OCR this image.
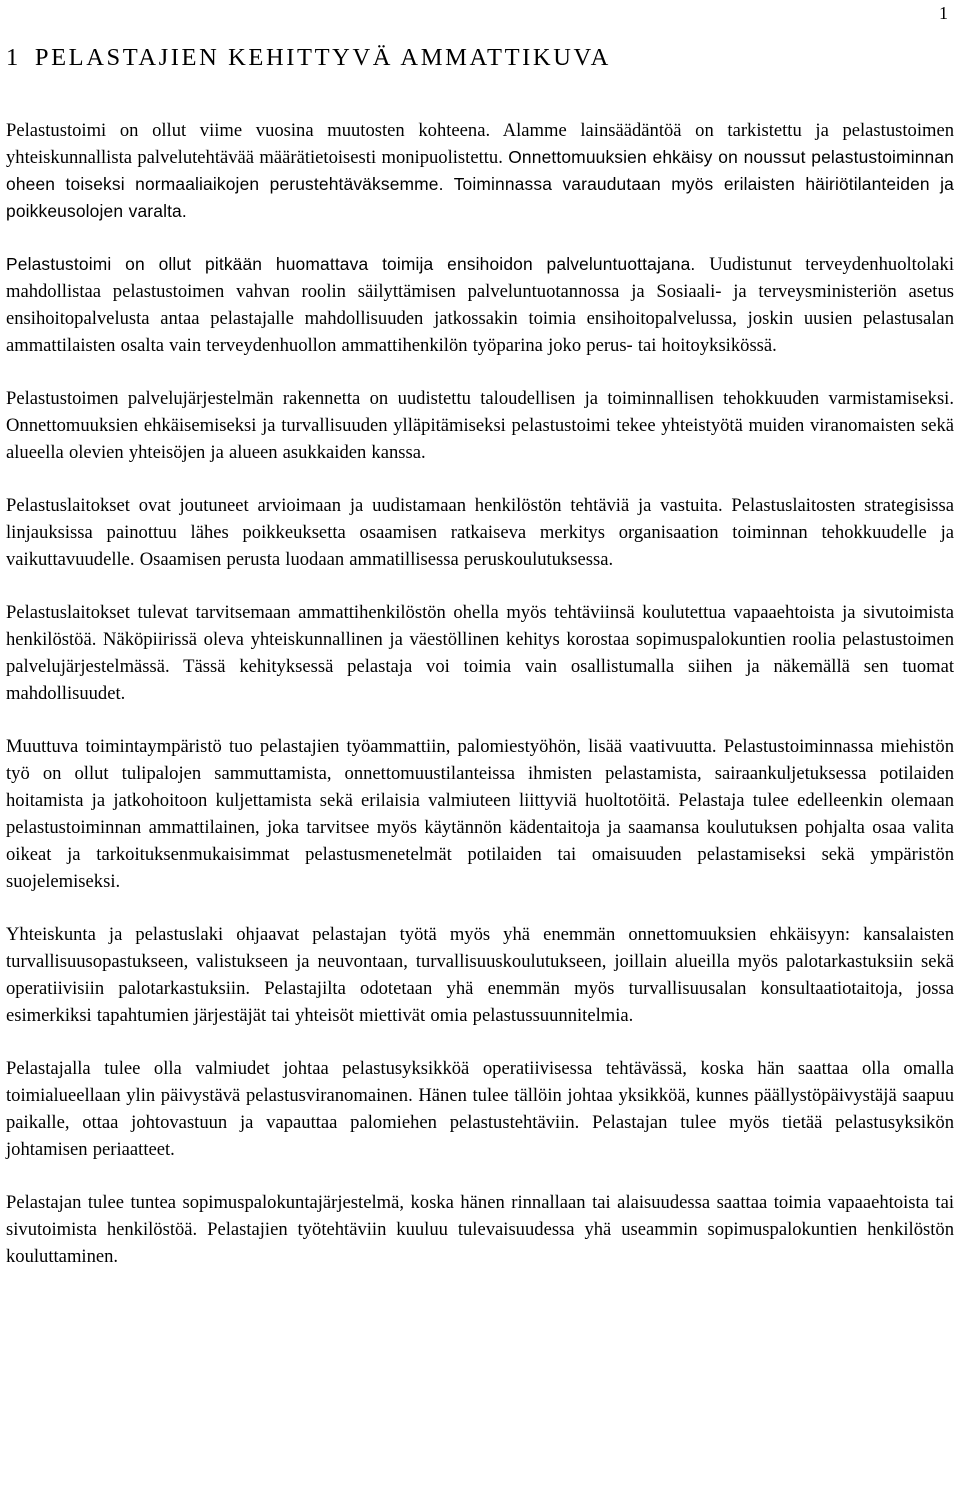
1
1 PELASTAJIEN KEHITTYVÄ AMMATTIKUVA

Pelastustoimi on ollut viime vuosina muutosten kohteena. Alamme lainsäädäntöä on tarkistettu ja pelastustoimen yhteiskunnallista palvelutehtävää määrätietoisesti monipuolistettu. Onnettomuuksien ehkäisy on noussut pelastustoiminnan oheen toiseksi normaaliaikojen perustehtäväksemme. Toiminnassa varaudutaan myös erilaisten häiriötilanteiden ja poikkeusolojen varalta.

Pelastustoimi on ollut pitkään huomattava toimija ensihoidon palveluntuottajana. Uudistunut terveydenhuoltolaki mahdollistaa pelastustoimen vahvan roolin säilyttämisen palveluntuotannossa ja Sosiaali- ja terveysministeriön asetus ensihoitopalvelusta antaa pelastajalle mahdollisuuden jatkossakin toimia ensihoitopalvelussa, joskin uusien pelastusalan ammattilaisten osalta vain terveydenhuollon ammattihenkilön työparina joko perus- tai hoitoyksikössä.

Pelastustoimen palvelujärjestelmän rakennetta on uudistettu taloudellisen ja toiminnallisen tehokkuuden varmistamiseksi. Onnettomuuksien ehkäisemiseksi ja turvallisuuden ylläpitämiseksi pelastustoimi tekee yhteistyötä muiden viranomaisten sekä alueella olevien yhteisöjen ja alueen asukkaiden kanssa.

Pelastuslaitokset ovat joutuneet arvioimaan ja uudistamaan henkilöstön tehtäviä ja vastuita. Pelastuslaitosten strategisissa linjauksissa painottuu lähes poikkeuksetta osaamisen ratkaiseva merkitys organisaation toiminnan tehokkuudelle ja vaikuttavuudelle. Osaamisen perusta luodaan ammatillisessa peruskoulutuksessa.

Pelastuslaitokset tulevat tarvitsemaan ammattihenkilöstön ohella myös tehtäviinsä koulutettua vapaaehtoista ja sivutoimista henkilöstöä. Näköpiirissä oleva yhteiskunnallinen ja väestöllinen kehitys korostaa sopimuspalokuntien roolia pelastustoimen palvelujärjestelmässä. Tässä kehityksessä pelastaja voi toimia vain osallistumalla siihen ja näkemällä sen tuomat mahdollisuudet.

Muuttuva toimintaympäristö tuo pelastajien työammattiin, palomiestyöhön, lisää vaativuutta. Pelastustoiminnassa miehistön työ on ollut tulipalojen sammuttamista, onnettomuustilanteissa ihmisten pelastamista, sairaankuljetuksessa potilaiden hoitamista ja jatkohoitoon kuljettamista sekä erilaisia valmiuteen liittyviä huoltotöitä. Pelastaja tulee edelleenkin olemaan pelastustoiminnan ammattilainen, joka tarvitsee myös käytännön kädentaitoja ja saamansa koulutuksen pohjalta osaa valita oikeat ja tarkoituksenmukaisimmat pelastusmenetelmät potilaiden tai omaisuuden pelastamiseksi sekä ympäristön suojelemiseksi.

Yhteiskunta ja pelastuslaki ohjaavat pelastajan työtä myös yhä enemmän onnettomuuksien ehkäisyyn: kansalaisten turvallisuusopastukseen, valistukseen ja neuvontaan, turvallisuuskoulutukseen, joillain alueilla myös palotarkastuksiin sekä operatiivisiin palotarkastuksiin. Pelastajilta odotetaan yhä enemmän myös turvallisuusalan konsultaatiotaitoja, jossa esimerkiksi tapahtumien järjestäjät tai yhteisöt miettivät omia pelastussuunnitelmia.

Pelastajalla tulee olla valmiudet johtaa pelastusyksikköä operatiivisessa tehtävässä, koska hän saattaa olla omalla toimialueellaan ylin päivystävä pelastusviranomainen. Hänen tulee tällöin johtaa yksikköä, kunnes päällystöpäivystäjä saapuu paikalle, ottaa johtovastuun ja vapauttaa palomiehen pelastustehtäviin. Pelastajan tulee myös tietää pelastusyksikön johtamisen periaatteet.

Pelastajan tulee tuntea sopimuspalokuntajärjestelmä, koska hänen rinnallaan tai alaisuudessa saattaa toimia vapaaehtoista tai sivutoimista henkilöstöä. Pelastajien työtehtäviin kuuluu tulevaisuudessa yhä useammin sopimuspalokuntien henkilöstön kouluttaminen.
